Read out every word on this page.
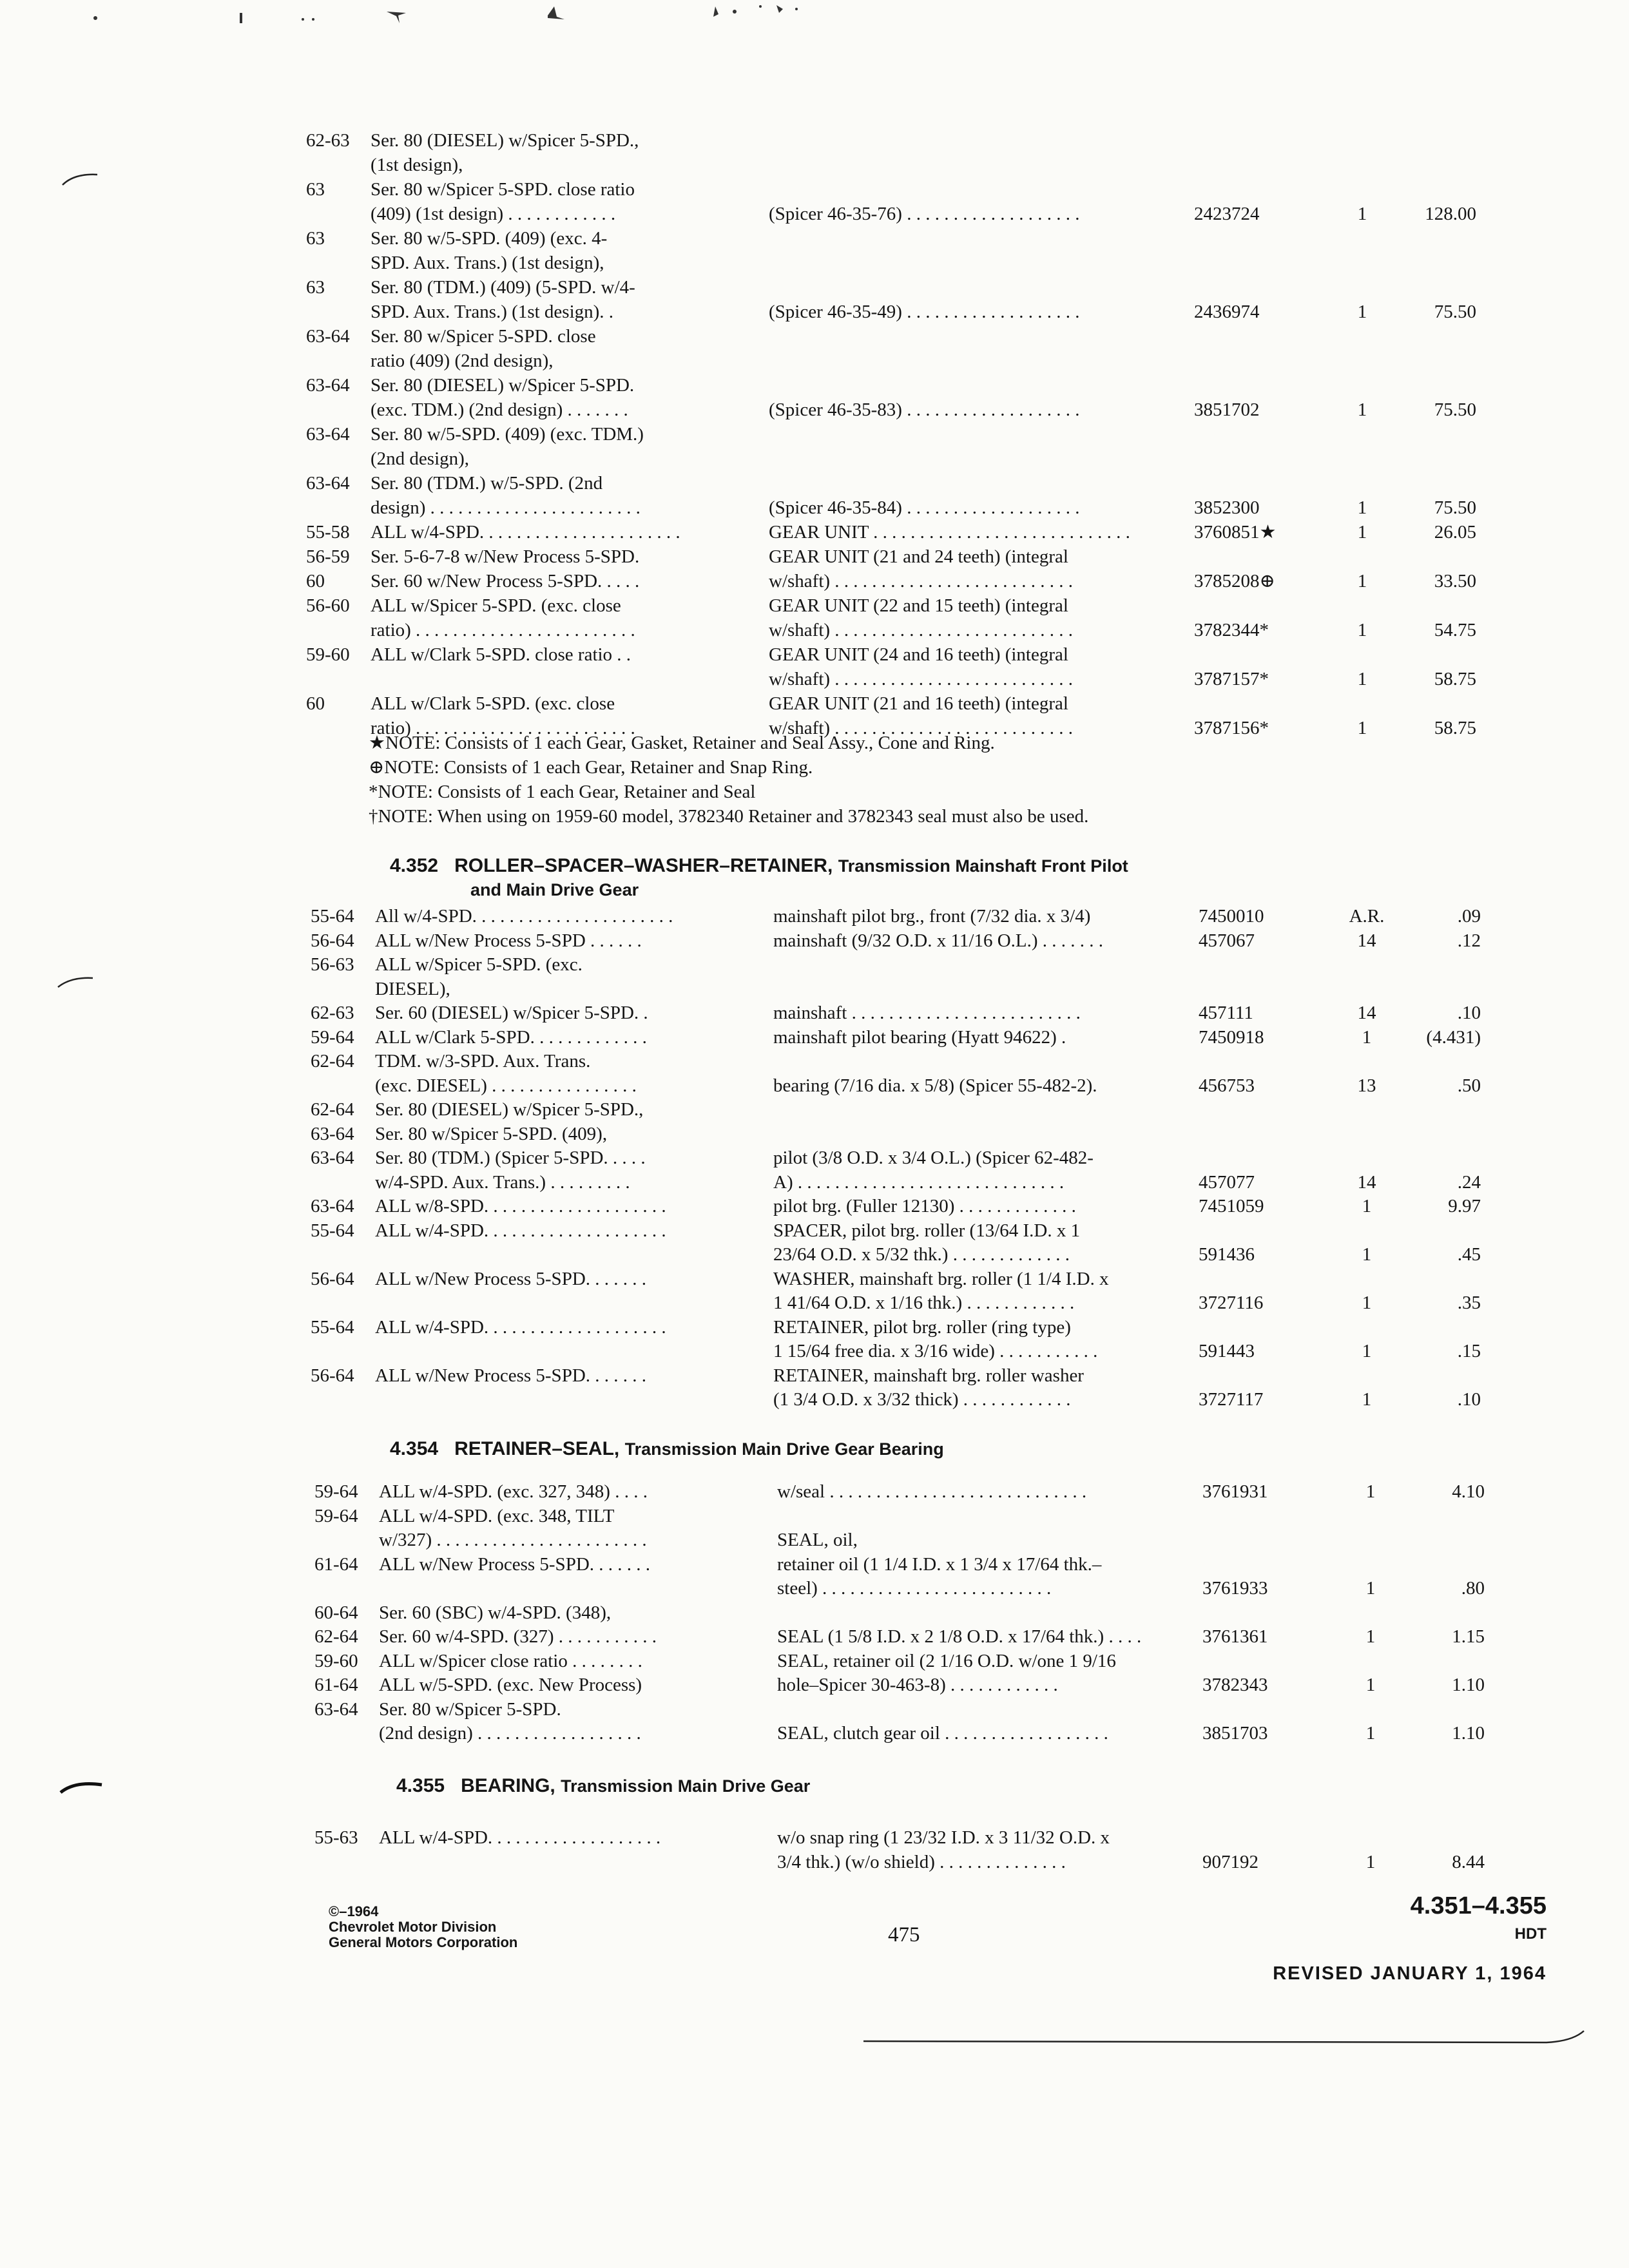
62-63 Ser. 80 (DIESEL) w/Spicer 5-SPD.,
(1st design),
63 Ser. 80 w/Spicer 5-SPD. close ratio
(409) (1st design) . . . . . . . . . . . .	(Spicer 46-35-76) . . . . . . . . . . . . . . . . . . .	2423724	1	128.00
63 Ser. 80 w/5-SPD. (409) (exc. 4-
SPD. Aux. Trans.) (1st design),
63 Ser. 80 (TDM.) (409) (5-SPD. w/4-
SPD. Aux. Trans.) (1st design). .	(Spicer 46-35-49) . . . . . . . . . . . . . . . . . . .	2436974	1	75.50
63-64 Ser. 80 w/Spicer 5-SPD. close
ratio (409) (2nd design),
63-64 Ser. 80 (DIESEL) w/Spicer 5-SPD.
(exc. TDM.) (2nd design) . . . . . . .	(Spicer 46-35-83) . . . . . . . . . . . . . . . . . . .	3851702	1	75.50
63-64 Ser. 80 w/5-SPD. (409) (exc. TDM.)
(2nd design),
63-64 Ser. 80 (TDM.) w/5-SPD. (2nd
design) . . . . . . . . . . . . . . . . . . . . . . .	(Spicer 46-35-84) . . . . . . . . . . . . . . . . . . .	3852300	1	75.50
55-58 ALL w/4-SPD. . . . . . . . . . . . . . . . . . . . . .	GEAR UNIT . . . . . . . . . . . . . . . . . . . . . . . . . . . .	3760851★	1	26.05
56-59 Ser. 5-6-7-8 w/New Process 5-SPD.	GEAR UNIT (21 and 24 teeth) (integral
60 Ser. 60 w/New Process 5-SPD. . . . .	w/shaft) . . . . . . . . . . . . . . . . . . . . . . . . . .	3785208⊕	1	33.50
56-60 ALL w/Spicer 5-SPD. (exc. close	GEAR UNIT (22 and 15 teeth) (integral
ratio) . . . . . . . . . . . . . . . . . . . . . . . .	w/shaft) . . . . . . . . . . . . . . . . . . . . . . . . . .	3782344*	1	54.75
59-60 ALL w/Clark 5-SPD. close ratio . .	GEAR UNIT (24 and 16 teeth) (integral
w/shaft) . . . . . . . . . . . . . . . . . . . . . . . . . .	3787157*	1	58.75
60 ALL w/Clark 5-SPD. (exc. close	GEAR UNIT (21 and 16 teeth) (integral
ratio) . . . . . . . . . . . . . . . . . . . . . . . .	w/shaft) . . . . . . . . . . . . . . . . . . . . . . . . . .	3787156*	1	58.75
55-64 All w/4-SPD. . . . . . . . . . . . . . . . . . . . . .	mainshaft pilot brg., front (7/32 dia. x 3/4)	7450010	A.R.	.09
56-64 ALL w/New Process 5-SPD . . . . . .	mainshaft (9/32 O.D. x 11/16 O.L.) . . . . . . .	457067	14	.12
56-63 ALL w/Spicer 5-SPD. (exc.
DIESEL),
62-63 Ser. 60 (DIESEL) w/Spicer 5-SPD. .	mainshaft . . . . . . . . . . . . . . . . . . . . . . . . .	457111	14	.10
59-64 ALL w/Clark 5-SPD. . . . . . . . . . . . .	mainshaft pilot bearing (Hyatt 94622) .	7450918	1	(4.431)
62-64 TDM. w/3-SPD. Aux. Trans.
(exc. DIESEL) . . . . . . . . . . . . . . . .	bearing (7/16 dia. x 5/8) (Spicer 55-482-2).	456753	13	.50
62-64 Ser. 80 (DIESEL) w/Spicer 5-SPD.,
63-64 Ser. 80 w/Spicer 5-SPD. (409),
63-64 Ser. 80 (TDM.) (Spicer 5-SPD. . . . .	pilot (3/8 O.D. x 3/4 O.L.) (Spicer 62-482-
w/4-SPD. Aux. Trans.) . . . . . . . . .	A) . . . . . . . . . . . . . . . . . . . . . . . . . . . . .	457077	14	.24
63-64 ALL w/8-SPD. . . . . . . . . . . . . . . . . . . .	pilot brg. (Fuller 12130) . . . . . . . . . . . . .	7451059	1	9.97
55-64 ALL w/4-SPD. . . . . . . . . . . . . . . . . . . .	SPACER, pilot brg. roller (13/64 I.D. x 1
23/64 O.D. x 5/32 thk.) . . . . . . . . . . . . .	591436	1	.45
56-64 ALL w/New Process 5-SPD. . . . . . .	WASHER, mainshaft brg. roller (1 1/4 I.D. x
1 41/64 O.D. x 1/16 thk.) . . . . . . . . . . . .	3727116	1	.35
55-64 ALL w/4-SPD. . . . . . . . . . . . . . . . . . . .	RETAINER, pilot brg. roller (ring type)
1 15/64 free dia. x 3/16 wide) . . . . . . . . . . .	591443	1	.15
56-64 ALL w/New Process 5-SPD. . . . . . .	RETAINER, mainshaft brg. roller washer
(1 3/4 O.D. x 3/32 thick) . . . . . . . . . . . .	3727117	1	.10
59-64 ALL w/4-SPD. (exc. 327, 348) . . . .	w/seal . . . . . . . . . . . . . . . . . . . . . . . . . . . .	3761931	1	4.10
59-64 ALL w/4-SPD. (exc. 348, TILT
w/327) . . . . . . . . . . . . . . . . . . . . . . .	SEAL, oil,
61-64 ALL w/New Process 5-SPD. . . . . . .	retainer oil (1 1/4 I.D. x 1 3/4 x 17/64 thk.–
steel) . . . . . . . . . . . . . . . . . . . . . . . . .	3761933	1	.80
60-64 Ser. 60 (SBC) w/4-SPD. (348),
62-64 Ser. 60 w/4-SPD. (327) . . . . . . . . . . .	SEAL (1 5/8 I.D. x 2 1/8 O.D. x 17/64 thk.) . . . .	3761361	1	1.15
59-60 ALL w/Spicer close ratio . . . . . . . .	SEAL, retainer oil (2 1/16 O.D. w/one 1 9/16
61-64 ALL w/5-SPD. (exc. New Process)	hole–Spicer 30-463-8) . . . . . . . . . . . .	3782343	1	1.10
63-64 Ser. 80 w/Spicer 5-SPD.
(2nd design) . . . . . . . . . . . . . . . . . .	SEAL, clutch gear oil . . . . . . . . . . . . . . . . . .	3851703	1	1.10
55-63 ALL w/4-SPD. . . . . . . . . . . . . . . . . . .	w/o snap ring (1 23/32 I.D. x 3 11/32 O.D. x
3/4 thk.) (w/o shield) . . . . . . . . . . . . . .	907192	1	8.44
★NOTE: Consists of 1 each Gear, Gasket, Retainer and Seal Assy., Cone and Ring.
⊕NOTE: Consists of 1 each Gear, Retainer and Snap Ring.
*NOTE: Consists of 1 each Gear, Retainer and Seal
†NOTE: When using on 1959-60 model, 3782340 Retainer and 3782343 seal must also be used.
4.352 ROLLER–SPACER–WASHER–RETAINER, Transmission Mainshaft Front Pilot
and Main Drive Gear
4.354 RETAINER–SEAL, Transmission Main Drive Gear Bearing
4.355 BEARING, Transmission Main Drive Gear
©–1964
Chevrolet Motor Division
General Motors Corporation	475
4.351–4.355
HDT
REVISED JANUARY 1, 1964
